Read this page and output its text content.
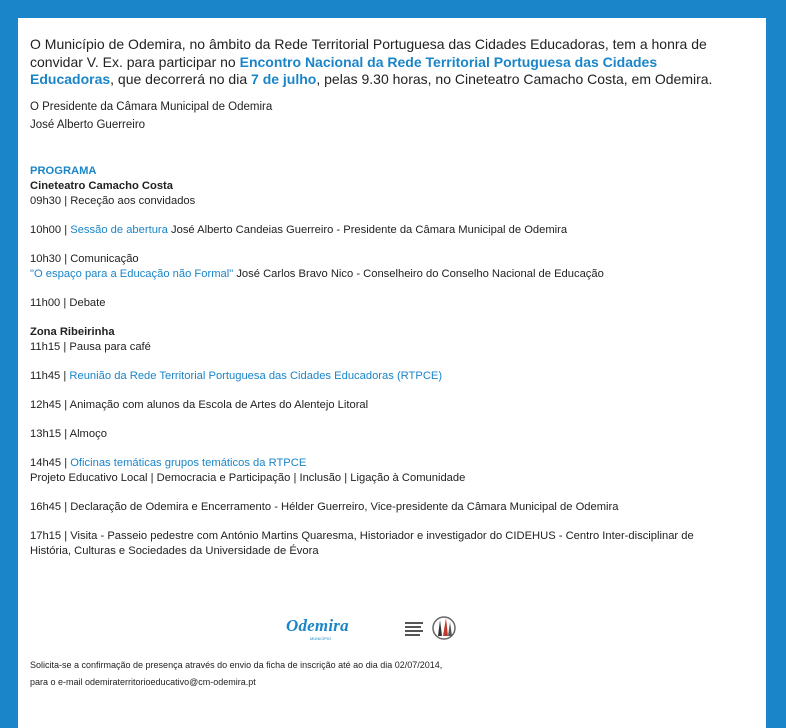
O Município de Odemira, no âmbito da Rede Territorial Portuguesa das Cidades Educadoras, tem a honra de convidar V. Ex. para participar no Encontro Nacional da Rede Territorial Portuguesa das Cidades Educadoras, que decorrerá no dia 7 de julho, pelas 9.30 horas, no Cineteatro Camacho Costa, em Odemira.

O Presidente da Câmara Municipal de Odemira
José Alberto Guerreiro
PROGRAMA
Cineteatro Camacho Costa
09h30 | Receção aos convidados
10h00 | Sessão de abertura José Alberto Candeias Guerreiro - Presidente da Câmara Municipal de Odemira
10h30 | Comunicação
"O espaço para a Educação não Formal" José Carlos Bravo Nico - Conselheiro do Conselho Nacional de Educação
11h00 | Debate
Zona Ribeirinha
11h15 | Pausa para café
11h45 | Reunião da Rede Territorial Portuguesa das Cidades Educadoras (RTPCE)
12h45 | Animação com alunos da Escola de Artes do Alentejo Litoral
13h15 | Almoço
14h45 | Oficinas temáticas grupos temáticos da RTPCE
Projeto Educativo Local | Democracia e Participação | Inclusão | Ligação à Comunidade
16h45 | Declaração de Odemira e Encerramento - Hélder Guerreiro, Vice-presidente da Câmara Municipal de Odemira
17h15 | Visita - Passeio pedestre com António Martins Quaresma, Historiador e investigador do CIDEHUS - Centro Inter-disciplinar de História, Culturas e Sociedades da Universidade de Évora
Odemira
MUNICÍPIO
Solicita-se a confirmação de presença através do envio da ficha de inscrição até ao dia dia 02/07/2014,
para o e-mail odemiraterritorioeducativo@cm-odemira.pt
